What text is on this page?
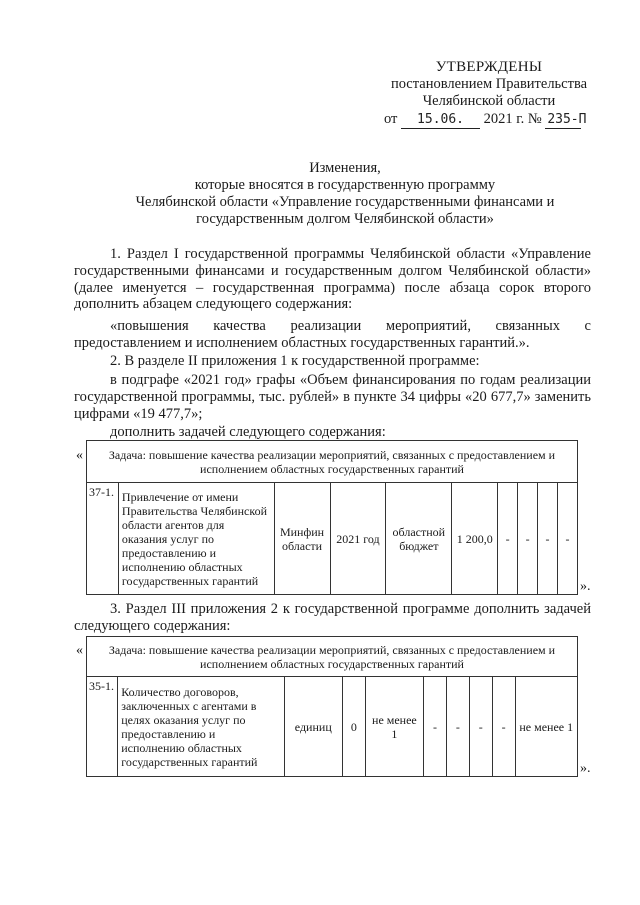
УТВЕРЖДЕНЫ
постановлением Правительства
Челябинской области
от 15.06. 2021 г. № 235-П
Изменения,
которые вносятся в государственную программу
Челябинской области «Управление государственными финансами и
государственным долгом Челябинской области»
1. Раздел I государственной программы Челябинской области «Управление государственными финансами и государственным долгом Челябинской области» (далее именуется – государственная программа) после абзаца сорок второго дополнить абзацем следующего содержания:
«повышения качества реализации мероприятий, связанных с предоставлением и исполнением областных государственных гарантий.».
2. В разделе II приложения 1 к государственной программе:
в подграфе «2021 год» графы «Объем финансирования по годам реализации государственной программы, тыс. рублей» в пункте 34 цифры «20 677,7» заменить цифрами «19 477,7»;
дополнить задачей следующего содержания:
« Задача: повышение качества реализации мероприятий, связанных с предоставлением и исполнением областных государственных гарантий
37-1.	Привлечение от имени Правительства Челябинской области агентов для оказания услуг по предоставлению и исполнению областных государственных гарантий	Минфин области	2021 год	областной бюджет	1 200,0	-	-	-	-
».
3. Раздел III приложения 2 к государственной программе дополнить задачей следующего содержания:
« Задача: повышение качества реализации мероприятий, связанных с предоставлением и исполнением областных государственных гарантий
35-1.	Количество договоров, заключенных с агентами в целях оказания услуг по предоставлению и исполнению областных государственных гарантий	единиц	0	не менее 1	-	-	-	-	не менее 1
».
